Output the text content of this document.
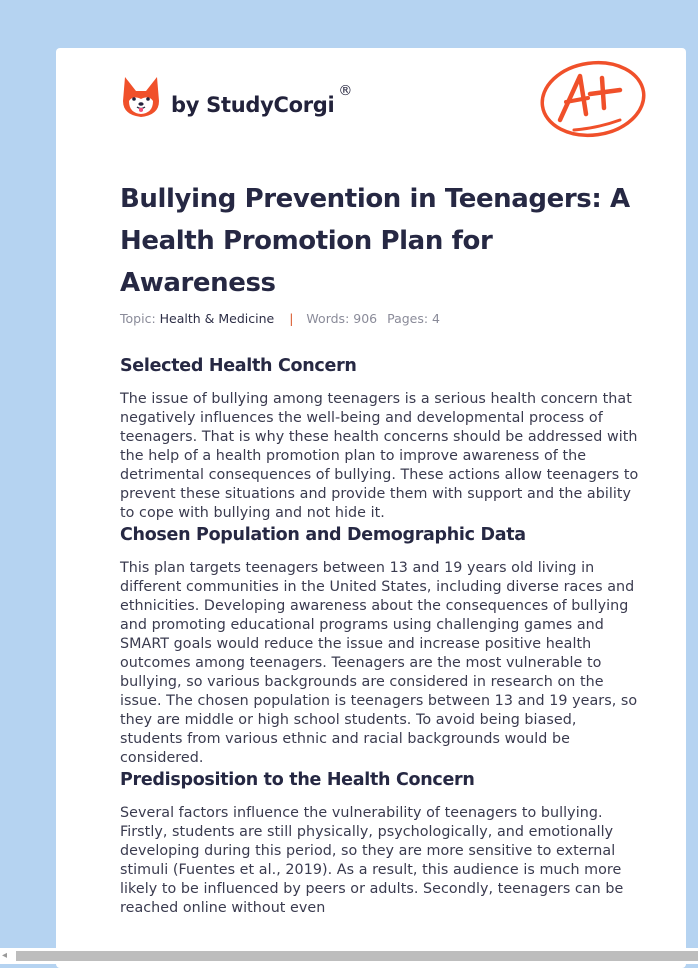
by StudyCorgi®
Bullying Prevention in Teenagers: A Health Promotion Plan for Awareness
Topic: Health & Medicine | Words: 906 Pages: 4
Selected Health Concern

The issue of bullying among teenagers is a serious health concern that negatively influences the well-being and developmental process of teenagers. That is why these health concerns should be addressed with the help of a health promotion plan to improve awareness of the detrimental consequences of bullying. These actions allow teenagers to prevent these situations and provide them with support and the ability to cope with bullying and not hide it.

Chosen Population and Demographic Data

This plan targets teenagers between 13 and 19 years old living in different communities in the United States, including diverse races and ethnicities. Developing awareness about the consequences of bullying and promoting educational programs using challenging games and SMART goals would reduce the issue and increase positive health outcomes among teenagers. Teenagers are the most vulnerable to bullying, so various backgrounds are considered in research on the issue. The chosen population is teenagers between 13 and 19 years, so they are middle or high school students. To avoid being biased, students from various ethnic and racial backgrounds would be considered.

Predisposition to the Health Concern

Several factors influence the vulnerability of teenagers to bullying. Firstly, students are still physically, psychologically, and emotionally developing during this period, so they are more sensitive to external stimuli (Fuentes et al., 2019). As a result, this audience is much more likely to be influenced by peers or adults. Secondly, teenagers can be reached online without even

◂
